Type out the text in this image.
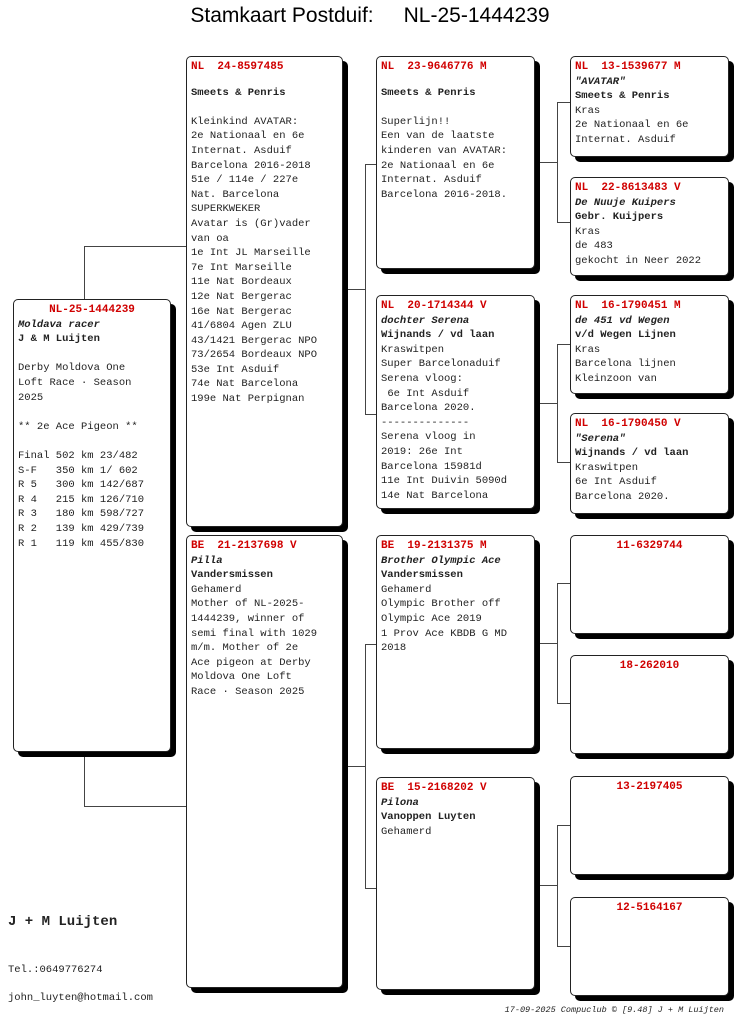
Stamkaart Postduif: NL-25-1444239
NL-25-1444239
Moldava racer
J & M Luijten

Derby Moldova One
Loft Race · Season
2025

** 2e Ace Pigeon **

Final 502 km 23/482
S-F   350 km 1/ 602
R 5   300 km 142/687
R 4   215 km 126/710
R 3   180 km 598/727
R 2   139 km 429/739
R 1   119 km 455/830
NL  24-8597485
Smeets & Penris

Kleinkind AVATAR:
2e Nationaal en 6e
Internat. Asduif
Barcelona 2016-2018
51e / 114e / 227e
Nat. Barcelona
SUPERKWEKER
Avatar is (Gr)vader
van oa
1e Int JL Marseille
7e Int Marseille
11e Nat Bordeaux
12e Nat Bergerac
16e Nat Bergerac
41/6804 Agen ZLU
43/1421 Bergerac NPO
73/2654 Bordeaux NPO
53e Int Asduif
74e Nat Barcelona
199e Nat Perpignan
BE  21-2137698 V
Pilla
Vandersmissen
Gehamerd
Mother of NL-2025-
1444239, winner of
semi final with 1029
m/m. Mother of 2e
Ace pigeon at Derby
Moldova One Loft
Race · Season 2025
NL  23-9646776 M
Smeets & Penris

Superlijn!!
Een van de laatste
kinderen van AVATAR:
2e Nationaal en 6e
Internat. Asduif
Barcelona 2016-2018.
NL  20-1714344 V
dochter Serena
Wijnands / vd laan
Kraswitpen
Super Barcelonaduif
Serena vloog:
6e Int Asduif
Barcelona 2020.
--------------
Serena vloog in
2019: 26e Int
Barcelona 15981d
11e Int Duivin 5090d
14e Nat Barcelona
BE  19-2131375 M
Brother Olympic Ace
Vandersmissen
Gehamerd
Olympic Brother off
Olympic Ace 2019
1 Prov Ace KBDB G MD
2018
BE  15-2168202 V
Pilona
Vanoppen Luyten
Gehamerd
NL  13-1539677 M
"AVATAR"
Smeets & Penris
Kras
2e Nationaal en 6e
Internat. Asduif
NL  22-8613483 V
De Nuuje Kuipers
Gebr. Kuijpers
Kras
de 483
gekocht in Neer 2022
NL  16-1790451 M
de 451 vd Wegen
v/d Wegen Lijnen
Kras
Barcelona lijnen
Kleinzoon van
NL  16-1790450 V
"Serena"
Wijnands / vd laan
Kraswitpen
6e Int Asduif
Barcelona 2020.
11-6329744
18-262010
13-2197405
12-5164167
J + M Luijten
Tel.:0649776274
john_luyten@hotmail.com
17-09-2025 Compuclub © [9.48] J + M Luijten
